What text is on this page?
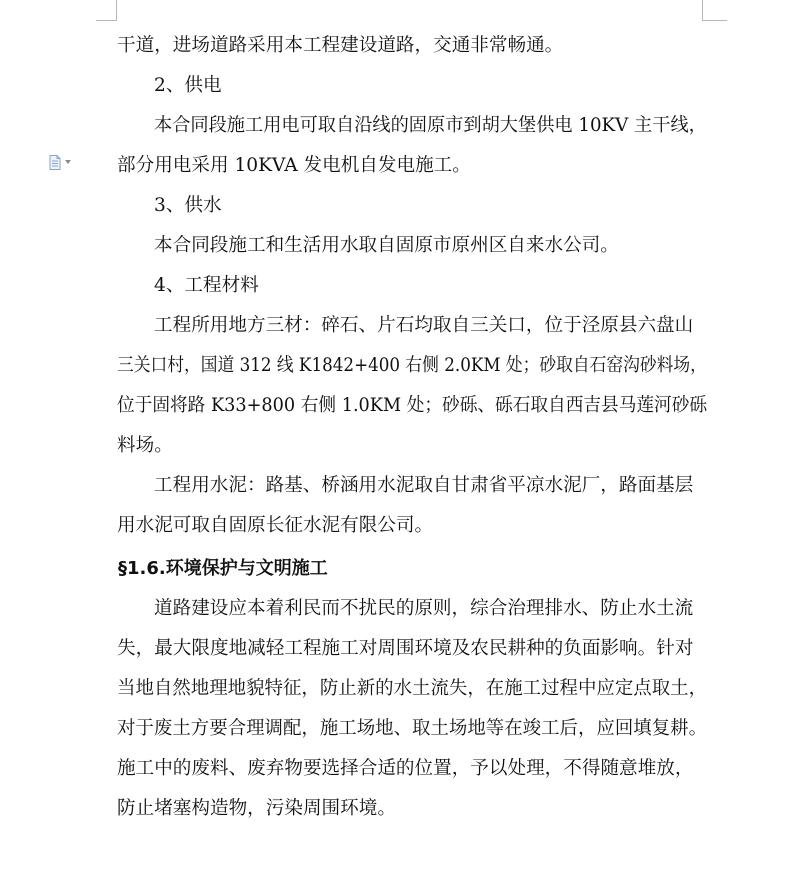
干道，进场道路采用本工程建设道路，交通非常畅通。
2、供电
本合同段施工用电可取自沿线的固原市到胡大堡供电 10KV 主干线，
部分用电采用 10KVA 发电机自发电施工。
3、供水
本合同段施工和生活用水取自固原市原州区自来水公司。
4、工程材料
工程所用地方三材：碎石、片石均取自三关口，位于泾原县六盘山
三关口村，国道 312 线 K1842+400 右侧 2.0KM 处；砂取自石窑沟砂料场，
位于固将路 K33+800 右侧 1.0KM 处；砂砾、砾石取自西吉县马莲河砂砾
料场。
工程用水泥：路基、桥涵用水泥取自甘肃省平凉水泥厂，路面基层
用水泥可取自固原长征水泥有限公司。
§1.6.环境保护与文明施工
道路建设应本着利民而不扰民的原则，综合治理排水、防止水土流
失，最大限度地减轻工程施工对周围环境及农民耕种的负面影响。针对
当地自然地理地貌特征，防止新的水土流失，在施工过程中应定点取土，
对于废土方要合理调配，施工场地、取土场地等在竣工后，应回填复耕。
施工中的废料、废弃物要选择合适的位置，予以处理，不得随意堆放，
防止堵塞构造物，污染周围环境。
